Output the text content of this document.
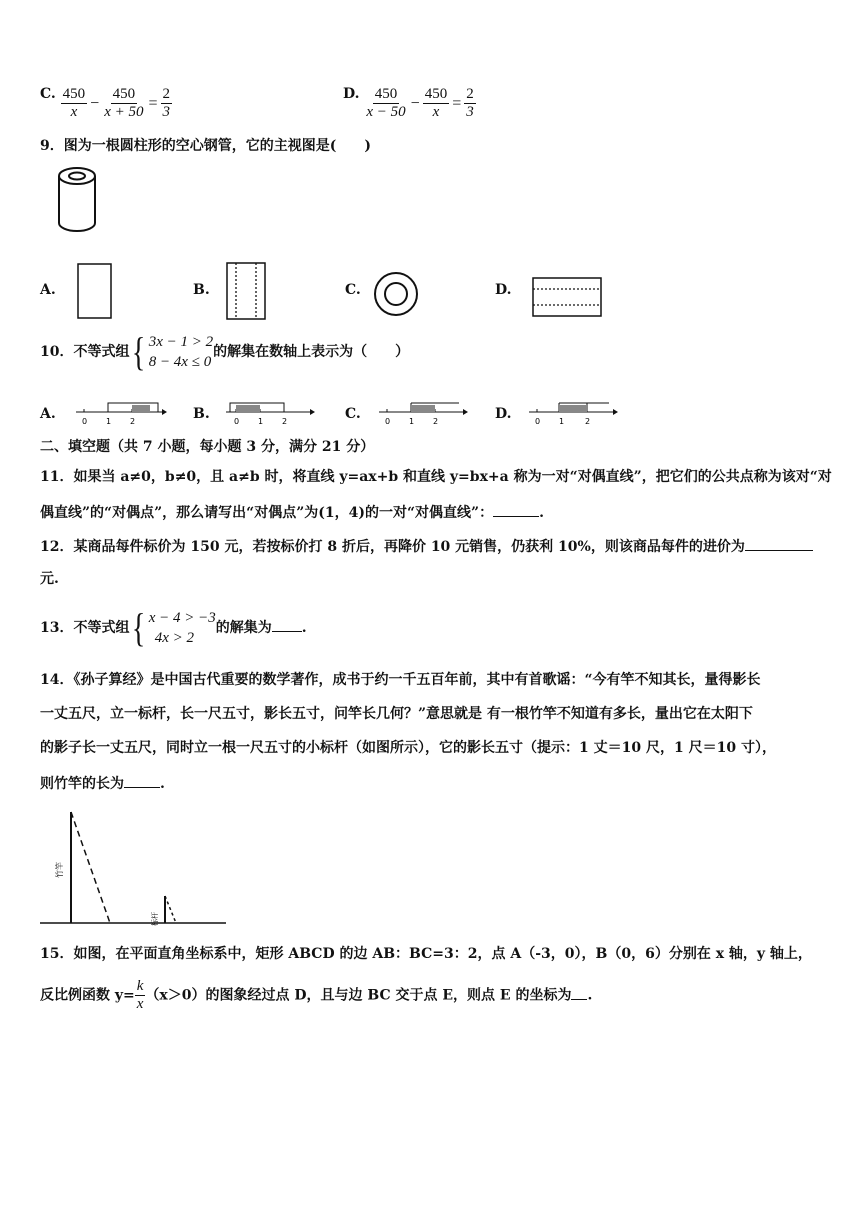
C. $\frac{450}{x} - \frac{450}{x + 50} = \frac{2}{3}$	D. $\frac{450}{x - 50} - \frac{450}{x} = \frac{2}{3}$
9．图为一根圆柱形的空心钢管，它的主视图是(　　)
A.	B.	C.	D.
10．不等式组{ 3x − 1 > 2
8 − 4x ≤ 0
的解集在数轴上表示为（　　）
A.	0 1 2	B.	0 1 2	C.	0 1 2	D.	0 1	2
二、填空题（共 7 小题，每小题 3 分，满分 21 分）
11．如果当 a≠0，b≠0，且 a≠b 时，将直线 y=ax+b 和直线 y=bx+a 称为一对“对偶直线”，把它们的公共点称为该对“对
偶直线”的“对偶点”，那么请写出“对偶点”为(1，4)的一对“对偶直线”：	.
12．某商品每件标价为 150 元，若按标价打 8 折后，再降价 10 元销售，仍获利 10%，则该商品每件的进价为
元.
13．不等式组{ x − 4 > −3
4x > 2
的解集为 .
14．《孙子算经》是中国古代重要的数学著作，成书于约一千五百年前，其中有首歌谣：“今有竿不知其长，量得影长
一丈五尺，立一标杆，长一尺五寸，影长五寸，问竿长几何？”意思就是 有一根竹竿不知道有多长，量出它在太阳下
的影子长一丈五尺，同时立一根一尺五寸的小标杆（如图所示），它的影长五寸（提示：1 丈＝10 尺，1 尺＝10 寸），
则竹竿的长为	.
竹竿
标杆
15．如图，在平面直角坐标系中，矩形 ABCD 的边 AB：BC=3：2，点 A（-3，0），B（0，6）分别在 x 轴，y 轴上，
反比例函数 $y= \frac{k}{x} (x>0)$的图象经过点 D，且与边 BC 交于点 E，则点 E 的坐标为 .
